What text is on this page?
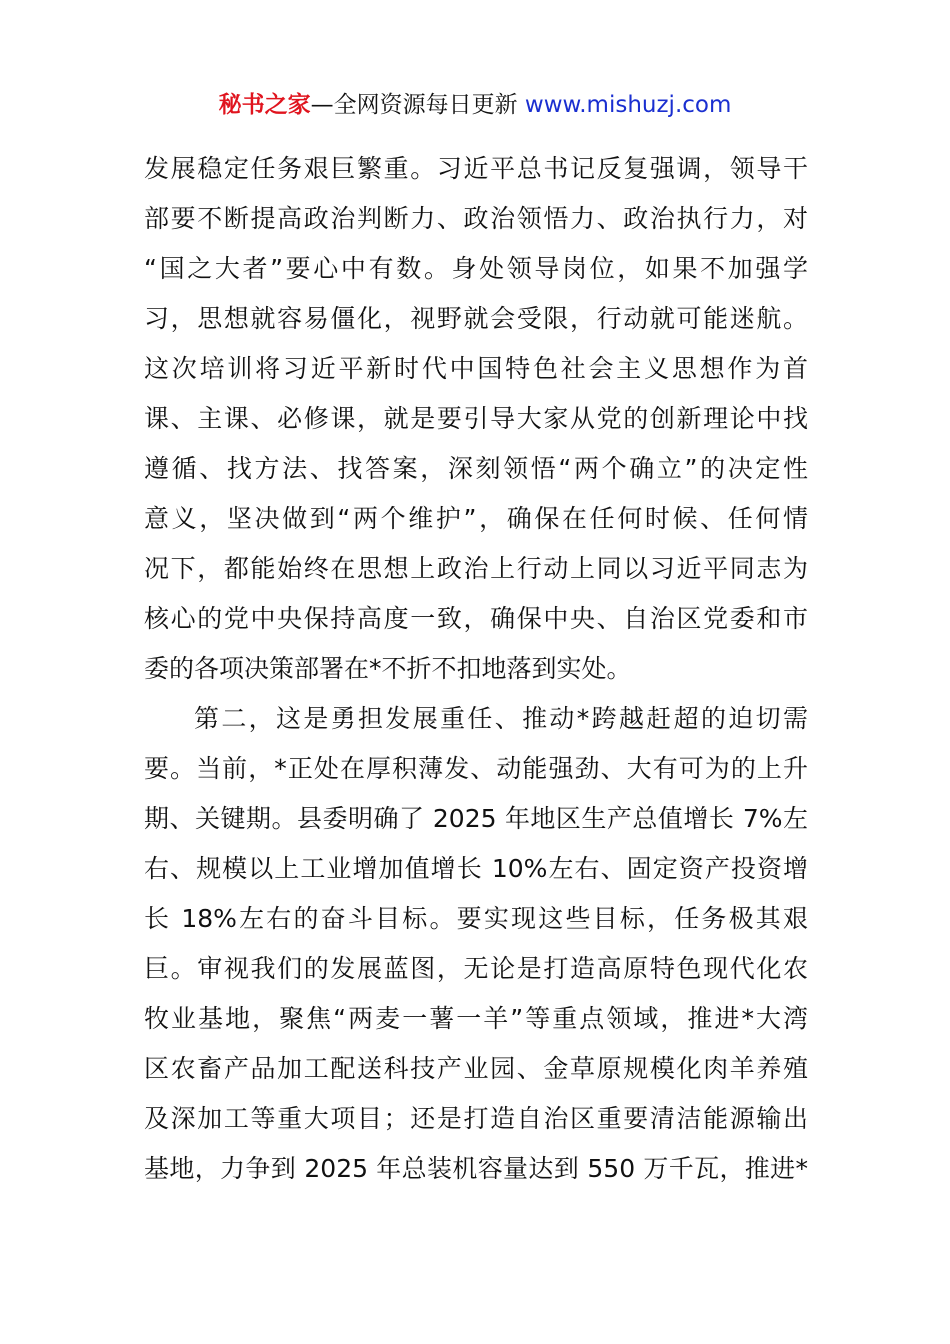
秘书之家—全网资源每日更新 www.mishuzj.com
发展稳定任务艰巨繁重。习近平总书记反复强调，领导干
部要不断提高政治判断力、政治领悟力、政治执行力，对
“国之大者”要心中有数。身处领导岗位，如果不加强学
习，思想就容易僵化，视野就会受限，行动就可能迷航。
这次培训将习近平新时代中国特色社会主义思想作为首
课、主课、必修课，就是要引导大家从党的创新理论中找
遵循、找方法、找答案，深刻领悟“两个确立”的决定性
意义，坚决做到“两个维护”，确保在任何时候、任何情
况下，都能始终在思想上政治上行动上同以习近平同志为
核心的党中央保持高度一致，确保中央、自治区党委和市
委的各项决策部署在*不折不扣地落到实处。
第二，这是勇担发展重任、推动*跨越赶超的迫切需
要。当前，*正处在厚积薄发、动能强劲、大有可为的上升
期、关键期。县委明确了 2025 年地区生产总值增长 7%左
右、规模以上工业增加值增长 10%左右、固定资产投资增
长 18%左右的奋斗目标。要实现这些目标，任务极其艰
巨。审视我们的发展蓝图，无论是打造高原特色现代化农
牧业基地，聚焦“两麦一薯一羊”等重点领域，推进*大湾
区农畜产品加工配送科技产业园、金草原规模化肉羊养殖
及深加工等重大项目；还是打造自治区重要清洁能源输出
基地，力争到 2025 年总装机容量达到 550 万千瓦，推进*
